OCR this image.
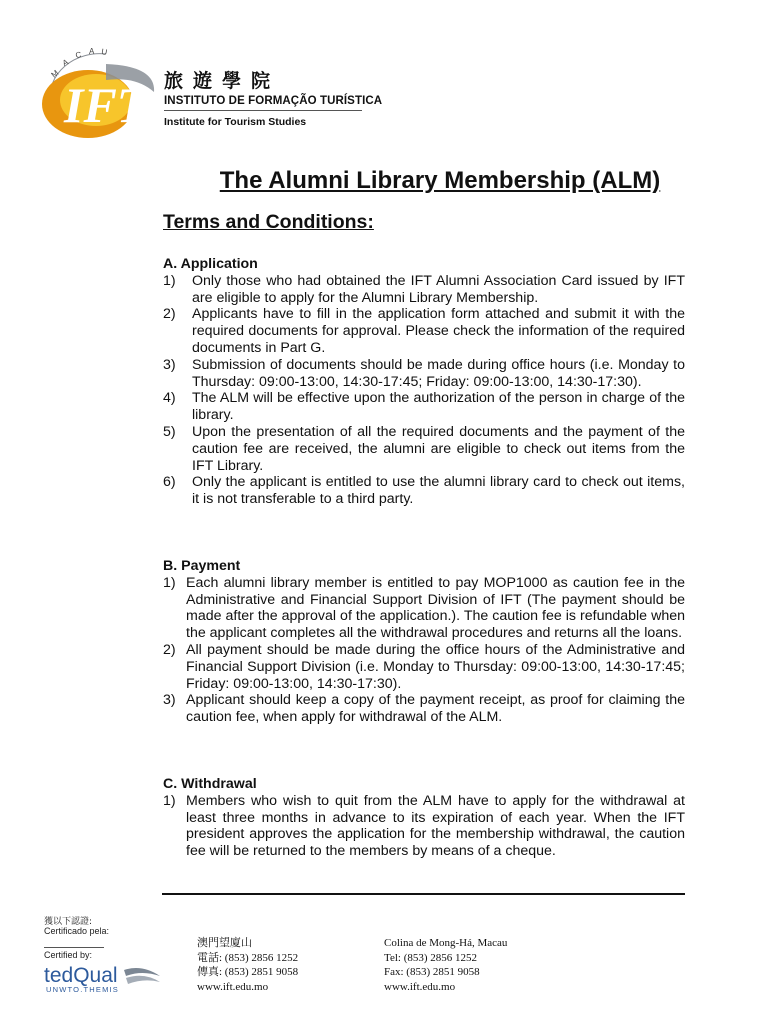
M
A
C A U
IFT 旅遊學院
INSTITUTO DE FORMAÇÃO TURÍSTICA
Institute for Tourism Studies
The Alumni Library Membership (ALM)
Terms and Conditions:
A. Application
1)	Only those who had obtained the IFT Alumni Association Card issued by IFT are eligible to apply for the Alumni Library Membership.
2)	Applicants have to fill in the application form attached and submit it with the required documents for approval. Please check the information of the required documents in Part G.
3)	Submission of documents should be made during office hours (i.e. Monday to Thursday: 09:00-13:00, 14:30-17:45; Friday: 09:00-13:00, 14:30-17:30).
4)	The ALM will be effective upon the authorization of the person in charge of the library.
5)	Upon the presentation of all the required documents and the payment of the caution fee are received, the alumni are eligible to check out items from the IFT Library.
6)	Only the applicant is entitled to use the alumni library card to check out items, it is not transferable to a third party.
B. Payment
1) Each alumni library member is entitled to pay MOP1000 as caution fee in the Administrative and Financial Support Division of IFT (The payment should be made after the approval of the application.). The caution fee is refundable when the applicant completes all the withdrawal procedures and returns all the loans.
2) All payment should be made during the office hours of the Administrative and Financial Support Division (i.e. Monday to Thursday: 09:00-13:00, 14:30-17:45; Friday: 09:00-13:00, 14:30-17:30).
3) Applicant should keep a copy of the payment receipt, as proof for claiming the caution fee, when apply for withdrawal of the ALM.
C. Withdrawal
1) Members who wish to quit from the ALM have to apply for the withdrawal at least three months in advance to its expiration of each year. When the IFT president approves the application for the membership withdrawal, the caution fee will be returned to the members by means of a cheque.
獲以下認證:
Certificado pela:
Certified by:
tedQual
UNWTO.THEMIS
澳門望廈山
電話: (853) 2856 1252
傳真: (853) 2851 9058
www.ift.edu.mo
Colina de Mong-Há, Macau
Tel: (853) 2856 1252
Fax: (853) 2851 9058
www.ift.edu.mo
